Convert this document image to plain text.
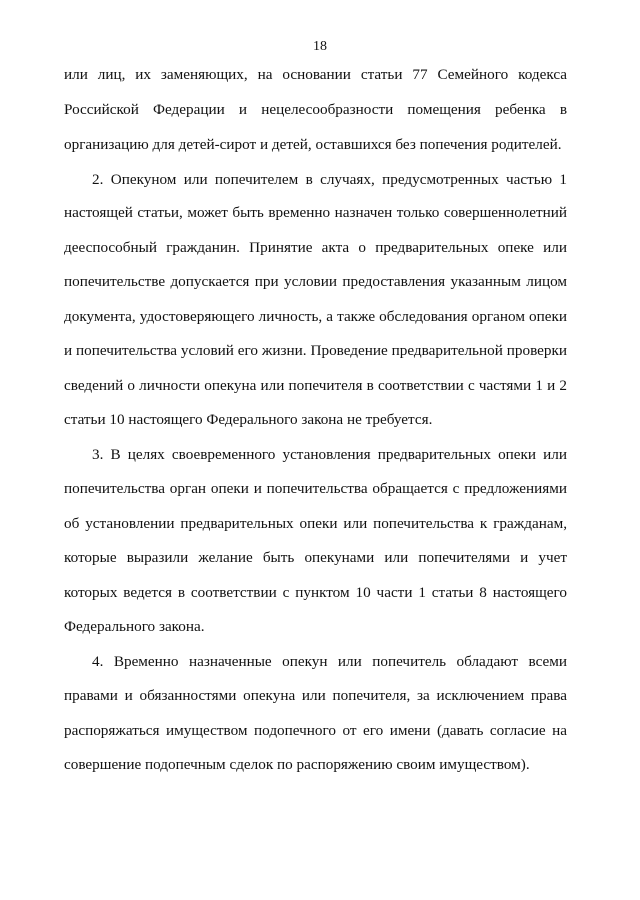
18
или лиц, их заменяющих, на основании статьи 77 Семейного кодекса
Российской Федерации и нецелесообразности помещения ребенка в
организацию для детей-сирот и детей, оставшихся без попечения родителей.
2. Опекуном или попечителем в случаях, предусмотренных частью 1
настоящей статьи, может быть временно назначен только совершеннолетний
дееспособный гражданин. Принятие акта о предварительных опеке или
попечительстве допускается при условии предоставления указанным лицом
документа, удостоверяющего личность, а также обследования органом опеки
и попечительства условий его жизни. Проведение предварительной проверки
сведений о личности опекуна или попечителя в соответствии с частями 1 и 2
статьи 10 настоящего Федерального закона не требуется.
3. В целях своевременного установления предварительных опеки или
попечительства орган опеки и попечительства обращается с предложениями
об установлении предварительных опеки или попечительства к гражданам,
которые выразили желание быть опекунами или попечителями и учет
которых ведется в соответствии с пунктом 10 части 1 статьи 8 настоящего
Федерального закона.
4. Временно назначенные опекун или попечитель обладают всеми
правами и обязанностями опекуна или попечителя, за исключением права
распоряжаться имуществом подопечного от его имени (давать согласие на
совершение подопечным сделок по распоряжению своим имуществом).
